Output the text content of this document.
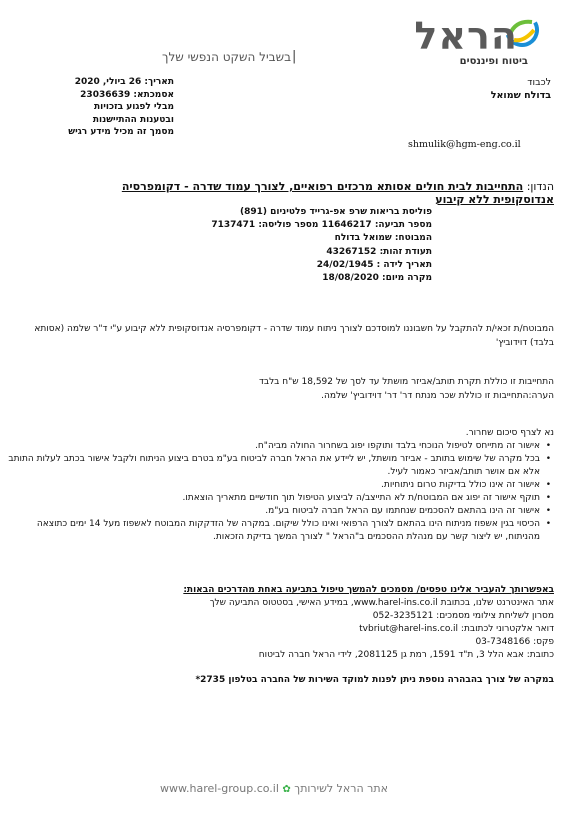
הראל
ביטוח ופיננסים
בשביל השקט הנפשי שלך |
לכבוד
בדולח שמואל
shmulik@hgm-eng.co.il
תאריך: 26 ביולי, 2020
אסמכתא: 23036639
מבלי לפגוע בזכויות
ובטענות ההתיישנות
מסמך זה מכיל מידע רגיש
הנדון: התחייבות לבית חולים אסותא מרכזים רפואיים, לצורך עמוד שדרה - דקומפרסיה אנדוסקופית ללא קיבוע
פוליסת בריאות שרפ אפ-גרייד פלטיניום (891)
מספר תביעה: 11646217 מספר פוליסה: 7137471
המבוטח: שמואל בדולח
תעודת זהות: 43267152
תאריך לידה : 24/02/1945
מקרה מיום: 18/08/2020
המבוטח/ת זכאי/ת להתקבל על חשבוננו למוסדכם לצורך ניתוח עמוד שדרה - דקומפרסיה אנדוסקופית ללא קיבוע ע"י ד"ר שלמה (אסותא בלבד) דוידוביץ'
התחייבות זו כוללת תקרת תותב/אביזר מושתל עד לסך של 18,592 ש"ח בלבד
הערה:התחייבות זו כוללת שכר מנתח דר' דר' דוידוביץ' שלמה.
נא לצרף סיכום שחרור.
• אישור זה מתייחס לטיפול הנוכחי בלבד ותוקפו יפוג בשחרור החולה מביה"ח.
• בכל מקרה של שימוש בתותב - אביזר מושתל, יש ליידע את הראל חברה לביטוח בע"מ בטרם ביצוע הניתוח ולקבל אישור בכתב לעלות התותב אלא אם אושר תותב/אביזר כאמור לעיל.
• אישור זה אינו כולל בדיקות טרום ניתוחיות.
• תוקף אישור זה יפוג אם המבוטח/ת לא התייצב/ה לביצוע הטיפול תוך חודשיים מתאריך הוצאתו.
• אישור זה הינו בהתאם להסכמים שנחתמו עם הראל חברה לביטוח בע"מ.
• הכיסוי בגין אשפוז מניתוח הינו בהתאם לצורך הרפואי ואינו כולל שיקום. במקרה של הזדקקות המבוטח לאשפוז מעל 14 ימים כתוצאה מהניתוח, יש ליצור קשר עם מנהלת ההסכמים ב"הראל " לצורך המשך בדיקת הזכאות.
באפשרותך להעביר אלינו טפסים/ מסמכים להמשך טיפול בתביעה באחת מהדרכים הבאות:
אתר האינטרנט שלנו, בכתובת www.harel-ins.co.il, במידע האישי, בסטטוס התביעה שלך
מסרון לשליחת צילומי מסמכים: 052-3235121
דואר אלקטרוני לכתובת: tvbriut@harel-ins.co.il
פקס: 03-7348166
כתובת: אבא הלל 3, ת"ד 1591, רמת גן 2081125, לידי הראל חברה לביטוח
במקרה של צורך בהבהרה נוספת ניתן לפנות למוקד השירות של החברה בטלפון 2735*
www.harel-group.co.il ✿ אתר הראל לשירותך
